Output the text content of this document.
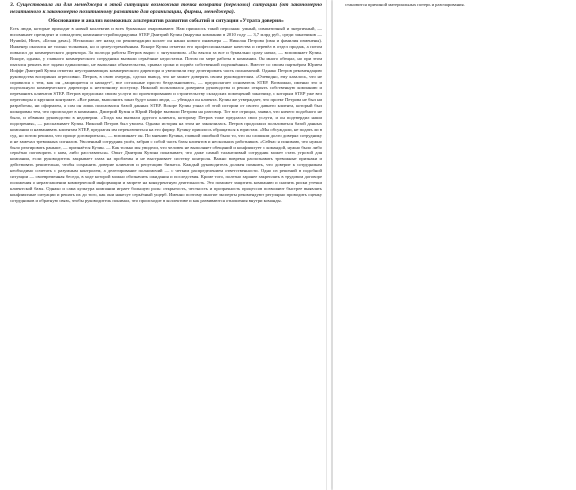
3. Существовала ли для менеджера в этой ситуации возможная точка возврата (переломл) ситуации (от закономерно негативного к закономерно позитивному развитию для организации, фирмы, менеджера).

Обоснование и анализ возможных альтернатив развития событий и ситуации «Утрата доверия»

Есть люди, которые приходят в новый коллектив и всех буквально очаровывают. Нам пришлось такой персонаж: умный, симпатичный и энергичный, — вспоминает президент и совладелец компании-стройподрядчика STEP Дмитрий Кузин (выручка компании в 2010 году — 3,7 млрд руб., среди заказчиков — Hyundai, Hines, «Белая дача»). Несколько лет назад по рекомендации коллег он нанял нового инженера — Николая Петрова (имя и фамилия изменены). Инженер оказался не только толковым, но и целеустремлённым. Вскоре Кузин отметил его профессиональные качества и перевёл в отдел продаж, а потом повысил до коммерческого директора. За полгода работы Петров вырос с энтузиазмом. «Он взялся за все и буквально сразу начал, — вспоминает Кузин. Вскоре, однако, у главного коммерческого сотрудника вызвали серьёзные недостатки. Потом по мере работы в компании. Он много обещал, но при этом пытался решать все задачи единолично, не выполнял обязательства, срывал сроки и подвёл собственной подчинённых. Вместе со своим партнёром Юрием Иоффе Дмитрий Кузин отметил неустраивающих коммерческого директора и увеличили ему делегировать часть полномочий. Однако Петров рекомендацию руководства воспринял агрессивно. Петров, в свою очередь, сделал вывод, что не может доверять своим руководителям. «Очевидно, ему казалось, что не справился с тем, как он „защищается и нападет“, все остальные просто бездельничают», — предполагает основатель STEP. Возможно, именно это и подтолкнуло коммерческого директора к неэтичному поступку. Николай пользовался доверием руководства и решил открыть собственную компанию и переманить клиентов STEP. Петров предложил своим услуги по проектированию и строительству складских помещений заказчику, с которым STEP уже вел переговоры о крупном контракте. «Все равно, выполнить заказ будут наши люди, — убеждал он клиента. Кузин же утверждает, что проект Петрова не был ни разработан, ни оформлен, а сам он лишь пользовался базой данных STEP. Вскоре Кузин узнал об этой истории от своего давнего клиента, который был шокирован тем, что происходит в компании. Дмитрий Кузин и Юрий Иоффе вызвали Петрова на разговор. Тот все отрицал, заявил, что ничего подобного не было, и обвинил руководство в недоверии. «Тогда мы вызвали другого клиента, которому Петров тоже предлагал свои услуги, и он подтвердил наши подозрения», — рассказывает Кузин. Николай Петров был уволен. Однако история на этом не закончилась. Петров продолжил пользоваться базой данных компании и названивать клиентам STEP, предлагая им переключиться на его фирму. Кузину пришлось обращаться к юристам. «Мы обсуждали, не подать ли в суд, но потом решили, что проще договориться», — вспоминает он. По мнению Кузина, главной ошибкой было то, что он слишком долго доверял сотруднику и не замечал тревожных сигналов. Уволенный сотрудник ушёл, забрав с собой часть базы клиентов и нескольких работников. «Сейчас я понимаю, что нужно было реагировать раньше, — признаётся Кузин. — Как только мы увидели, что человек не выполняет обещаний и конфликтует с командой, нужно было либо серьёзно поговорить с ним, либо расставаться». Опыт Дмитрия Кузина показывает, что даже самый талантливый сотрудник может стать угрозой для компании, если руководитель закрывает глаза на проблемы и не выстраивает систему контроля. Важно вовремя распознавать тревожные признаки и действовать решительно, чтобы сохранить доверие клиентов и репутацию бизнеса. Каждый руководитель должен помнить, что доверие к сотрудникам необходимо сочетать с разумным контролем, а делегирование полномочий — с четким распределением ответственности. Одно из решений в подобной ситуации — своевременная беседа, в ходе которой можно обозначить ожидания и последствия. Кроме того, полезно заранее закреплять в трудовом договоре положения о неразглашении коммерческой информации и запрете на конкурентную деятельность. Это поможет защитить компанию и снизить риски утечки клиентской базы. Однако и сама культура компании играет большую роль: открытость, честность и прозрачность процессов позволяют быстрее выявлять конфликтные ситуации и решать их до того, как они нанесут серьёзный ущерб. Именно поэтому многие эксперты рекомендуют регулярно проводить оценку сотрудников и обратную связь, чтобы руководитель понимал, что происходит в коллективе и как развиваются отношения внутри команды.

становится причиной материальных потерь и разочарования.
